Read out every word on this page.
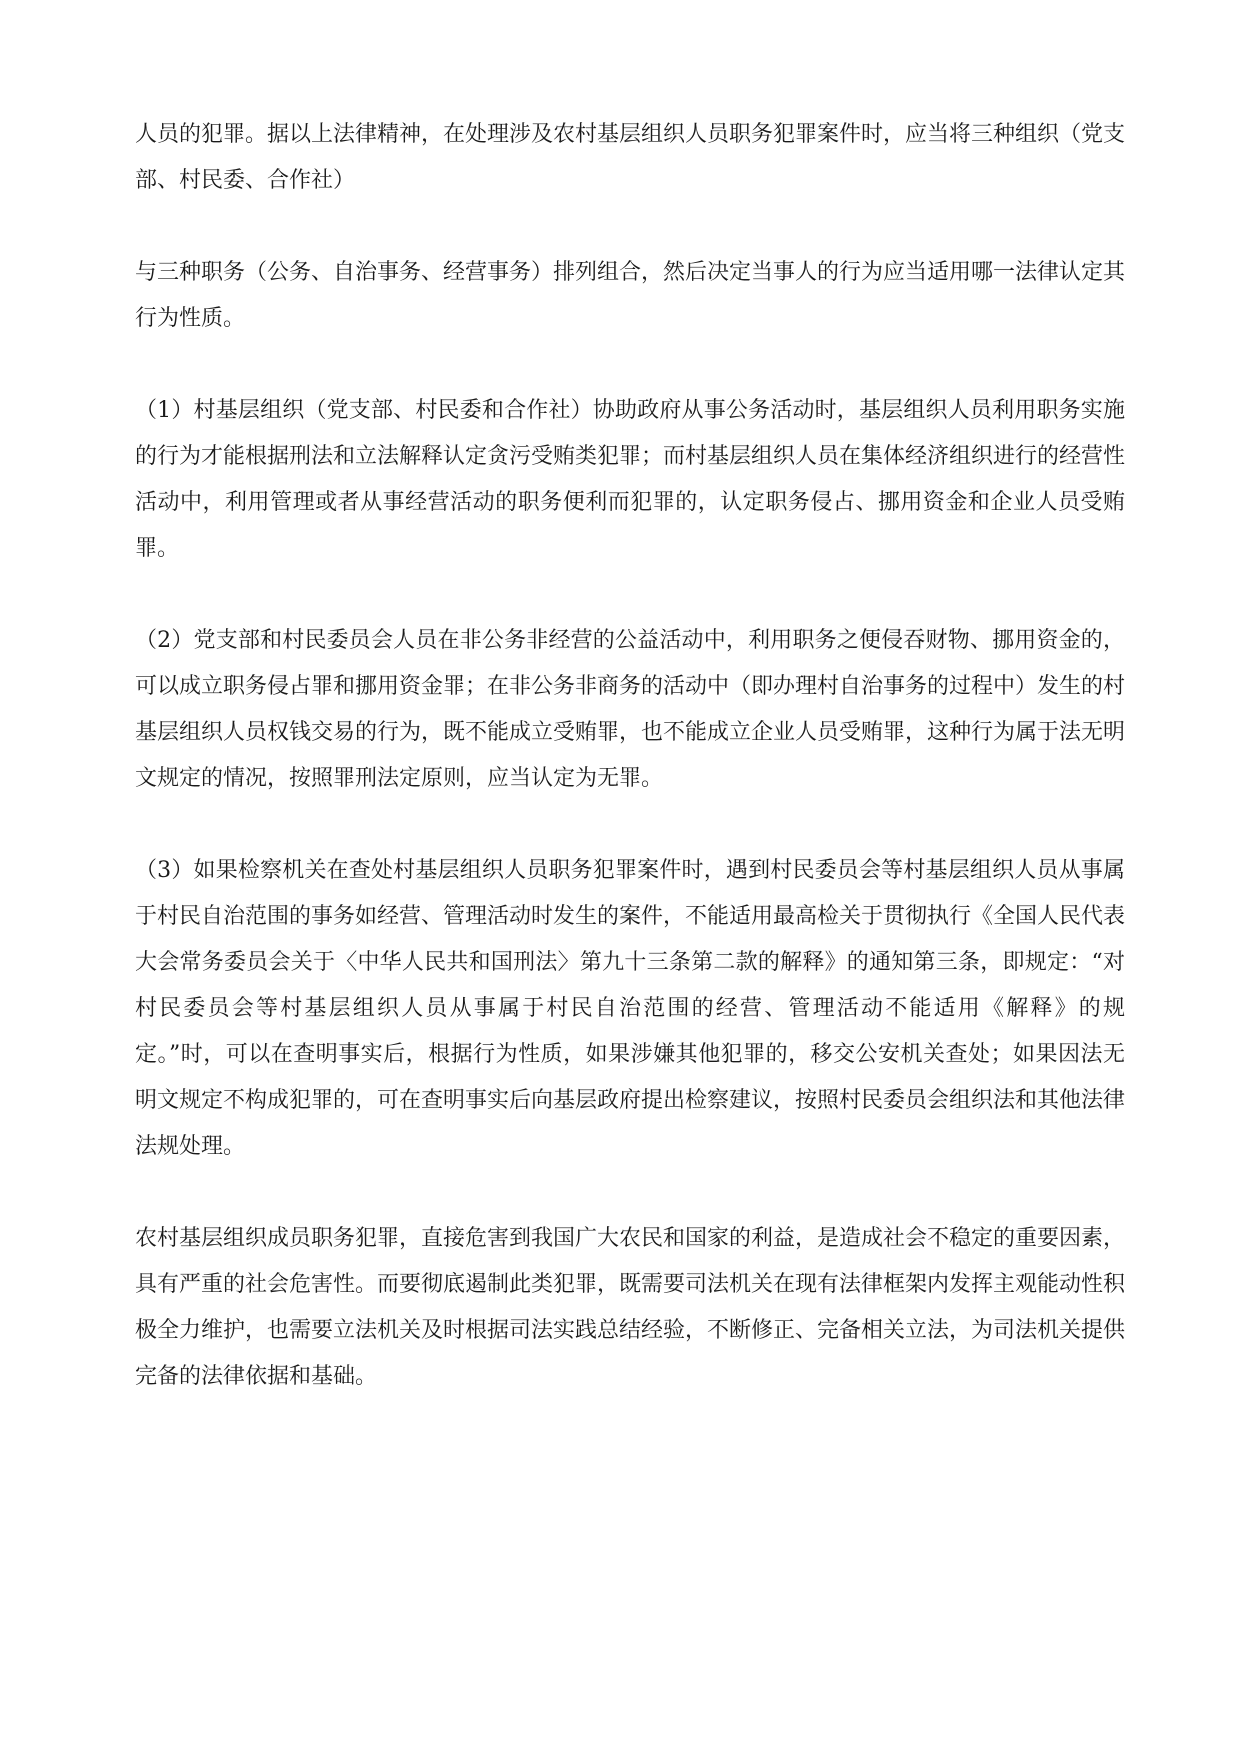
人员的犯罪。据以上法律精神，在处理涉及农村基层组织人员职务犯罪案件时，应当将三种组织（党支部、村民委、合作社）

与三种职务（公务、自治事务、经营事务）排列组合，然后决定当事人的行为应当适用哪一法律认定其行为性质。

（1）村基层组织（党支部、村民委和合作社）协助政府从事公务活动时，基层组织人员利用职务实施的行为才能根据刑法和立法解释认定贪污受贿类犯罪；而村基层组织人员在集体经济组织进行的经营性活动中，利用管理或者从事经营活动的职务便利而犯罪的，认定职务侵占、挪用资金和企业人员受贿罪。

（2）党支部和村民委员会人员在非公务非经营的公益活动中，利用职务之便侵吞财物、挪用资金的，可以成立职务侵占罪和挪用资金罪；在非公务非商务的活动中（即办理村自治事务的过程中）发生的村基层组织人员权钱交易的行为，既不能成立受贿罪，也不能成立企业人员受贿罪，这种行为属于法无明文规定的情况，按照罪刑法定原则，应当认定为无罪。

（3）如果检察机关在查处村基层组织人员职务犯罪案件时，遇到村民委员会等村基层组织人员从事属于村民自治范围的事务如经营、管理活动时发生的案件，不能适用最高检关于贯彻执行《全国人民代表大会常务委员会关于〈中华人民共和国刑法〉第九十三条第二款的解释》的通知第三条，即规定：“对村民委员会等村基层组织人员从事属于村民自治范围的经营、管理活动不能适用《解释》的规定。”时，可以在查明事实后，根据行为性质，如果涉嫌其他犯罪的，移交公安机关查处；如果因法无明文规定不构成犯罪的，可在查明事实后向基层政府提出检察建议，按照村民委员会组织法和其他法律法规处理。

农村基层组织成员职务犯罪，直接危害到我国广大农民和国家的利益，是造成社会不稳定的重要因素，具有严重的社会危害性。而要彻底遏制此类犯罪，既需要司法机关在现有法律框架内发挥主观能动性积极全力维护，也需要立法机关及时根据司法实践总结经验，不断修正、完备相关立法，为司法机关提供完备的法律依据和基础。
